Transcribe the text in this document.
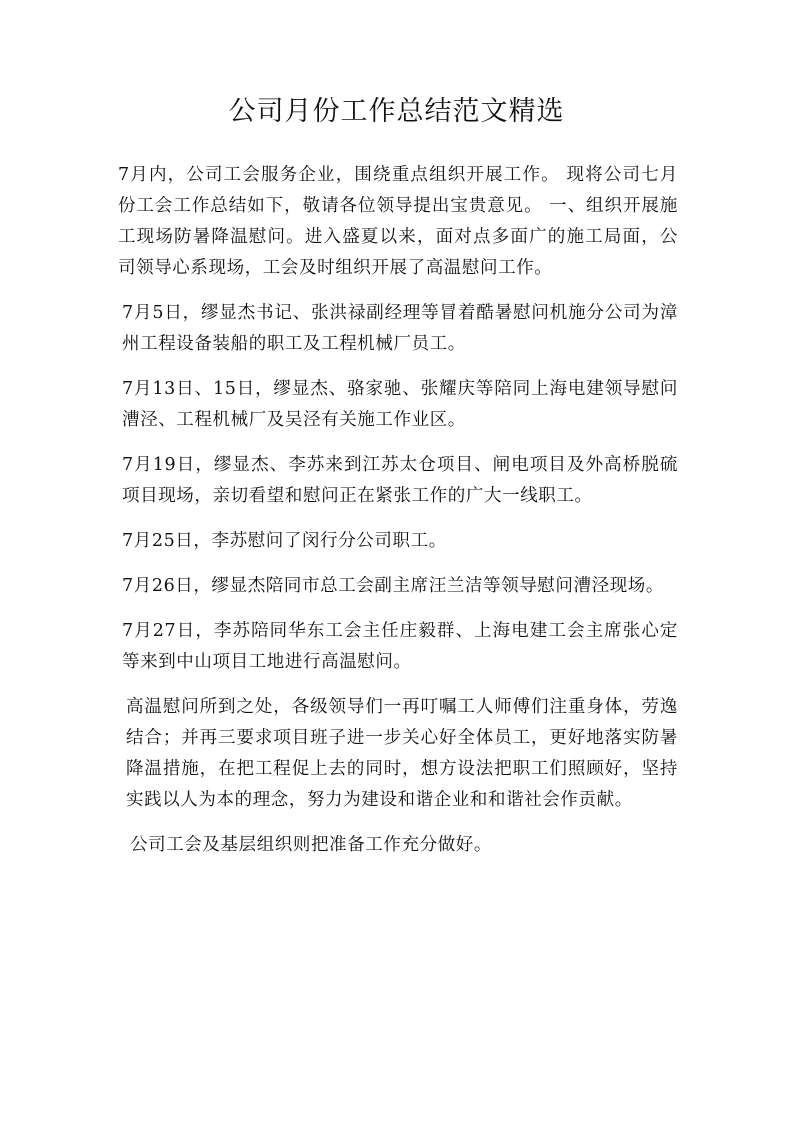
公司月份工作总结范文精选

7月内，公司工会服务企业，围绕重点组织开展工作。 现将公司七月份工会工作总结如下，敬请各位领导提出宝贵意见。 一、组织开展施工现场防暑降温慰问。进入盛夏以来，面对点多面广的施工局面，公司领导心系现场，工会及时组织开展了高温慰问工作。

7月5日，缪显杰书记、张洪禄副经理等冒着酷暑慰问机施分公司为漳州工程设备装船的职工及工程机械厂员工。

7月13日、15日，缪显杰、骆家驰、张耀庆等陪同上海电建领导慰问漕泾、工程机械厂及吴泾有关施工作业区。

7月19日，缪显杰、李苏来到江苏太仓项目、闸电项目及外高桥脱硫项目现场，亲切看望和慰问正在紧张工作的广大一线职工。

7月25日，李苏慰问了闵行分公司职工。

7月26日，缪显杰陪同市总工会副主席汪兰洁等领导慰问漕泾现场。

7月27日，李苏陪同华东工会主任庄毅群、上海电建工会主席张心定等来到中山项目工地进行高温慰问。

高温慰问所到之处，各级领导们一再叮嘱工人师傅们注重身体，劳逸结合；并再三要求项目班子进一步关心好全体员工，更好地落实防暑降温措施，在把工程促上去的同时，想方设法把职工们照顾好，坚持实践以人为本的理念，努力为建设和谐企业和和谐社会作贡献。

公司工会及基层组织则把准备工作充分做好。
